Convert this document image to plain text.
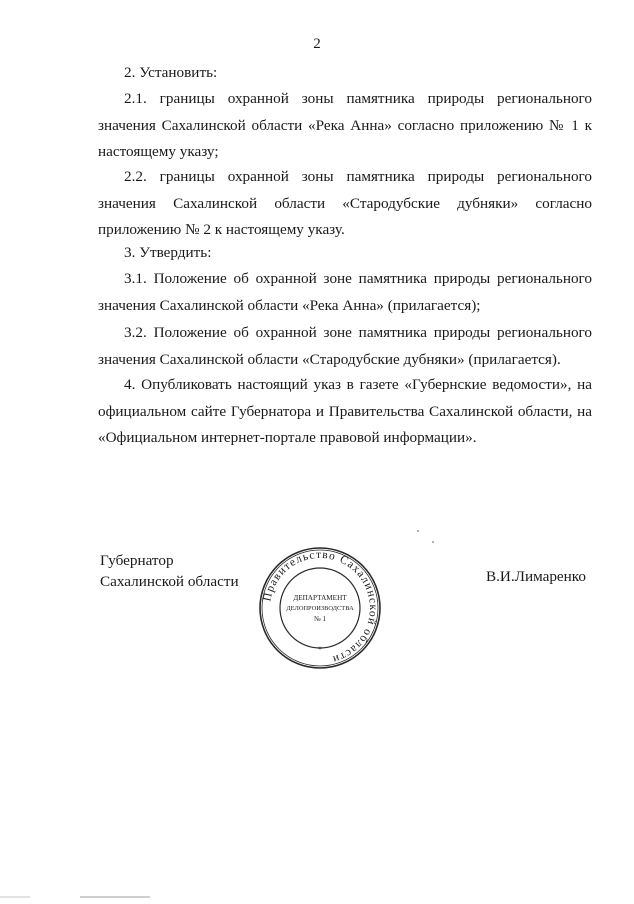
2

2. Установить:

2.1. границы охранной зоны памятника природы регионального значения Сахалинской области «Река Анна» согласно приложению № 1 к настоящему указу;

2.2. границы охранной зоны памятника природы регионального значения Сахалинской области «Стародубские дубняки» согласно приложению № 2 к настоящему указу.

3. Утвердить:

3.1. Положение об охранной зоне памятника природы регионального значения Сахалинской области «Река Анна» (прилагается);

3.2. Положение об охранной зоне памятника природы регионального значения Сахалинской области «Стародубские дубняки» (прилагается).

4. Опубликовать настоящий указ в газете «Губернские ведомости», на официальном сайте Губернатора и Правительства Сахалинской области, на «Официальном интернет-портале правовой информации».

Губернатор
Сахалинской области
Правительство Сахалинской области
*
ДЕПАРТАМЕНТ
ДЕЛОПРОИЗВОДСТВА
№ 1
В.И.Лимаренко
